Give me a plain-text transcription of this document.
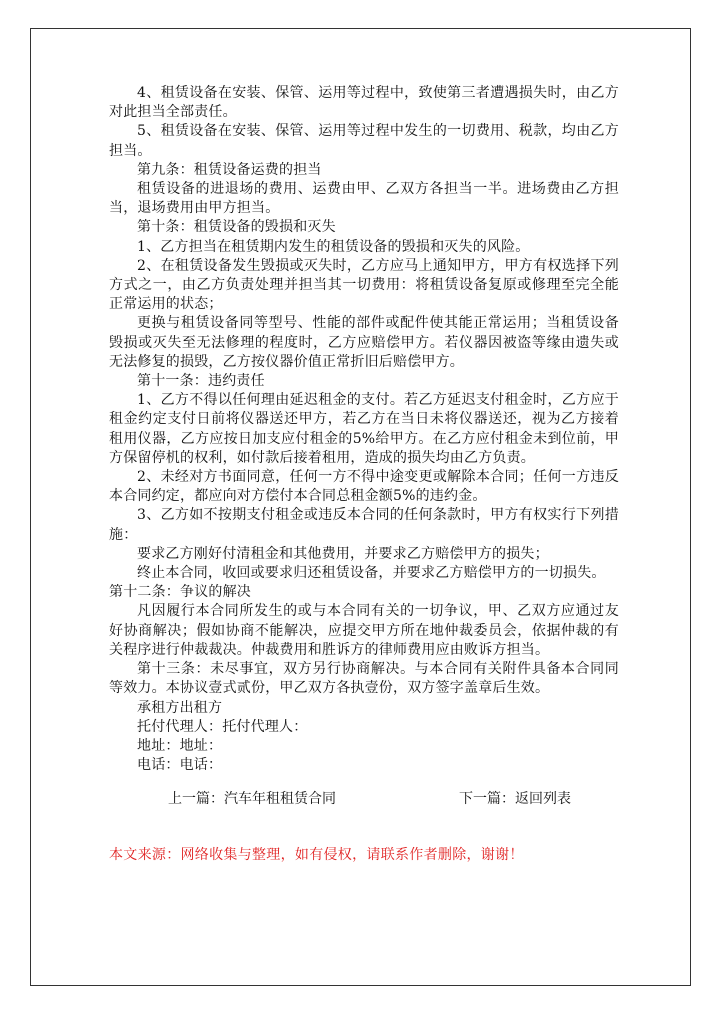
4、租赁设备在安装、保管、运用等过程中，致使第三者遭遇损失时，由乙方对此担当全部责任。

5、租赁设备在安装、保管、运用等过程中发生的一切费用、税款，均由乙方担当。

第九条：租赁设备运费的担当

租赁设备的进退场的费用、运费由甲、乙双方各担当一半。进场费由乙方担当，退场费用由甲方担当。

第十条：租赁设备的毁损和灭失

1、乙方担当在租赁期内发生的租赁设备的毁损和灭失的风险。

2、在租赁设备发生毁损或灭失时，乙方应马上通知甲方，甲方有权选择下列方式之一，由乙方负责处理并担当其一切费用：将租赁设备复原或修理至完全能正常运用的状态；

更换与租赁设备同等型号、性能的部件或配件使其能正常运用；当租赁设备毁损或灭失至无法修理的程度时，乙方应赔偿甲方。若仪器因被盗等缘由遗失或无法修复的损毁，乙方按仪器价值正常折旧后赔偿甲方。

第十一条：违约责任

1、乙方不得以任何理由延迟租金的支付。若乙方延迟支付租金时，乙方应于租金约定支付日前将仪器送还甲方，若乙方在当日未将仪器送还，视为乙方接着租用仪器，乙方应按日加支应付租金的5%给甲方。在乙方应付租金未到位前，甲方保留停机的权利，如付款后接着租用，造成的损失均由乙方负责。

2、未经对方书面同意，任何一方不得中途变更或解除本合同；任何一方违反本合同约定，都应向对方偿付本合同总租金额5%的违约金。

3、乙方如不按期支付租金或违反本合同的任何条款时，甲方有权实行下列措施：

要求乙方刚好付清租金和其他费用，并要求乙方赔偿甲方的损失；

终止本合同，收回或要求归还租赁设备，并要求乙方赔偿甲方的一切损失。

第十二条：争议的解决

凡因履行本合同所发生的或与本合同有关的一切争议，甲、乙双方应通过友好协商解决；假如协商不能解决，应提交甲方所在地仲裁委员会，依据仲裁的有关程序进行仲裁裁决。仲裁费用和胜诉方的律师费用应由败诉方担当。

第十三条：未尽事宜，双方另行协商解决。与本合同有关附件具备本合同同等效力。本协议壹式贰份，甲乙双方各执壹份，双方签字盖章后生效。

承租方出租方

托付代理人：托付代理人：

地址：地址：

电话：电话：

上一篇：汽车年租租赁合同	下一篇：返回列表
本文来源：网络收集与整理，如有侵权，请联系作者删除，谢谢！
